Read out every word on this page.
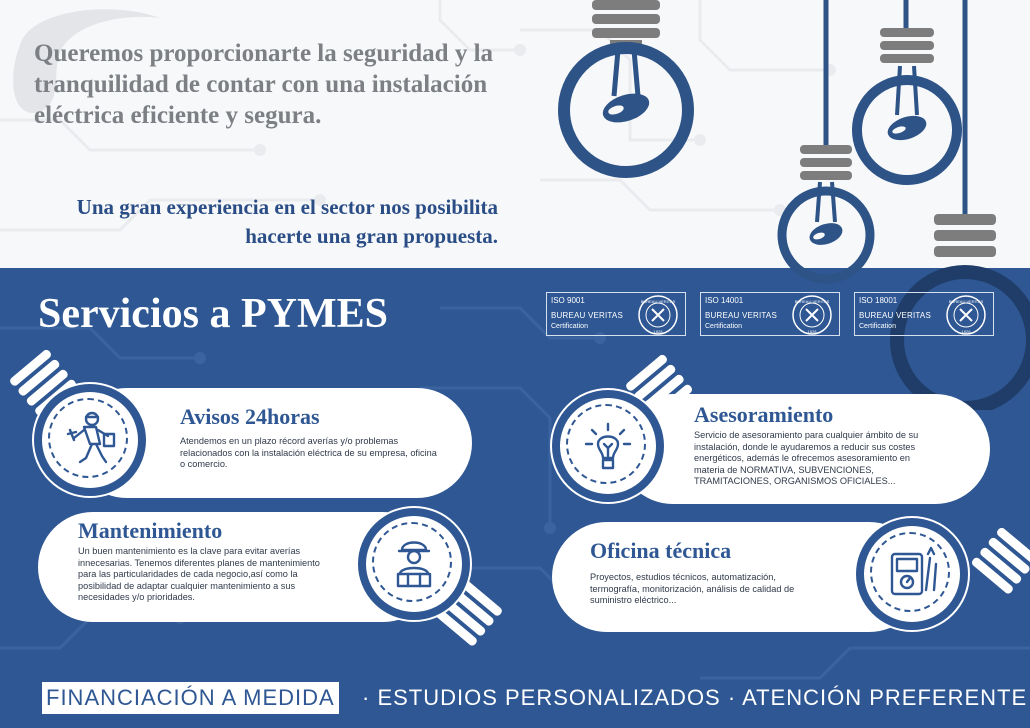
Queremos proporcionarte la seguridad y la tranquilidad de contar con una instalación eléctrica eficiente y segura.

Una gran experiencia en el sector nos posibilita hacerte una gran propuesta.

Servicios a PYMES	ISO 9001
BUREAU VERITAS
Certification
BUREAU VERITAS
1828
ISO 14001
BUREAU VERITAS
Certification
BUREAU VERITAS
1828
ISO 18001
BUREAU VERITAS
Certification
BUREAU VERITAS
1828
Avisos 24horas

Atendemos en un plazo récord averías y/o problemas relacionados con la instalación eléctrica de su empresa, oficina o comercio.

Mantenimiento

Un buen mantenimiento es la clave para evitar averías innecesarias. Tenemos diferentes planes de mantenimiento para las particularidades de cada negocio,así como la posibilidad de adaptar cualquier mantenimiento a sus necesidades y/o prioridades.

Asesoramiento

Servicio de asesoramiento para cualquier ámbito de su instalación, donde le ayudaremos a reducir sus costes energéticos, además le ofrecemos asesoramiento en materia de NORMATIVA, SUBVENCIONES, TRAMITACIONES, ORGANISMOS OFICIALES...

Oficina técnica

Proyectos, estudios técnicos, automatización, termografía, monitorización, análisis de calidad de suministro eléctrico...

FINANCIACIÓN A MEDIDA · ESTUDIOS PERSONALIZADOS · ATENCIÓN PREFERENTE
